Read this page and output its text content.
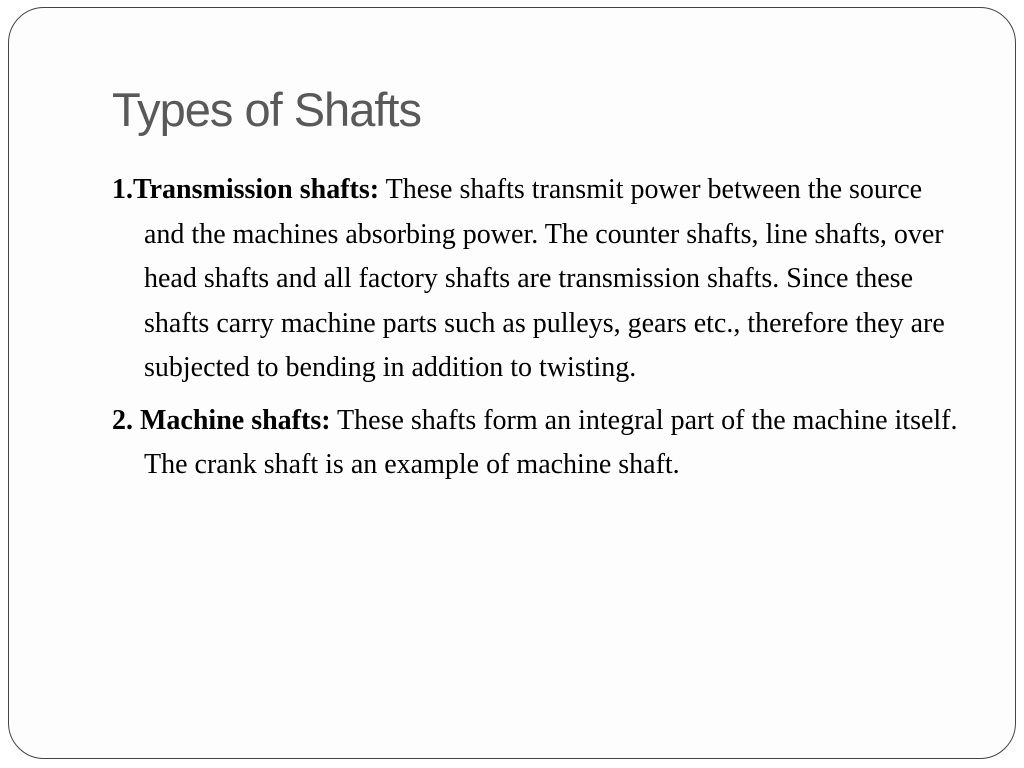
Types of Shafts
1.Transmission shafts: These shafts transmit power between the source and the machines absorbing power. The counter shafts, line shafts, over head shafts and all factory shafts are transmission shafts. Since these shafts carry machine parts such as pulleys, gears etc., therefore they are subjected to bending in addition to twisting.
2. Machine shafts: These shafts form an integral part of the machine itself. The crank shaft is an example of machine shaft.
